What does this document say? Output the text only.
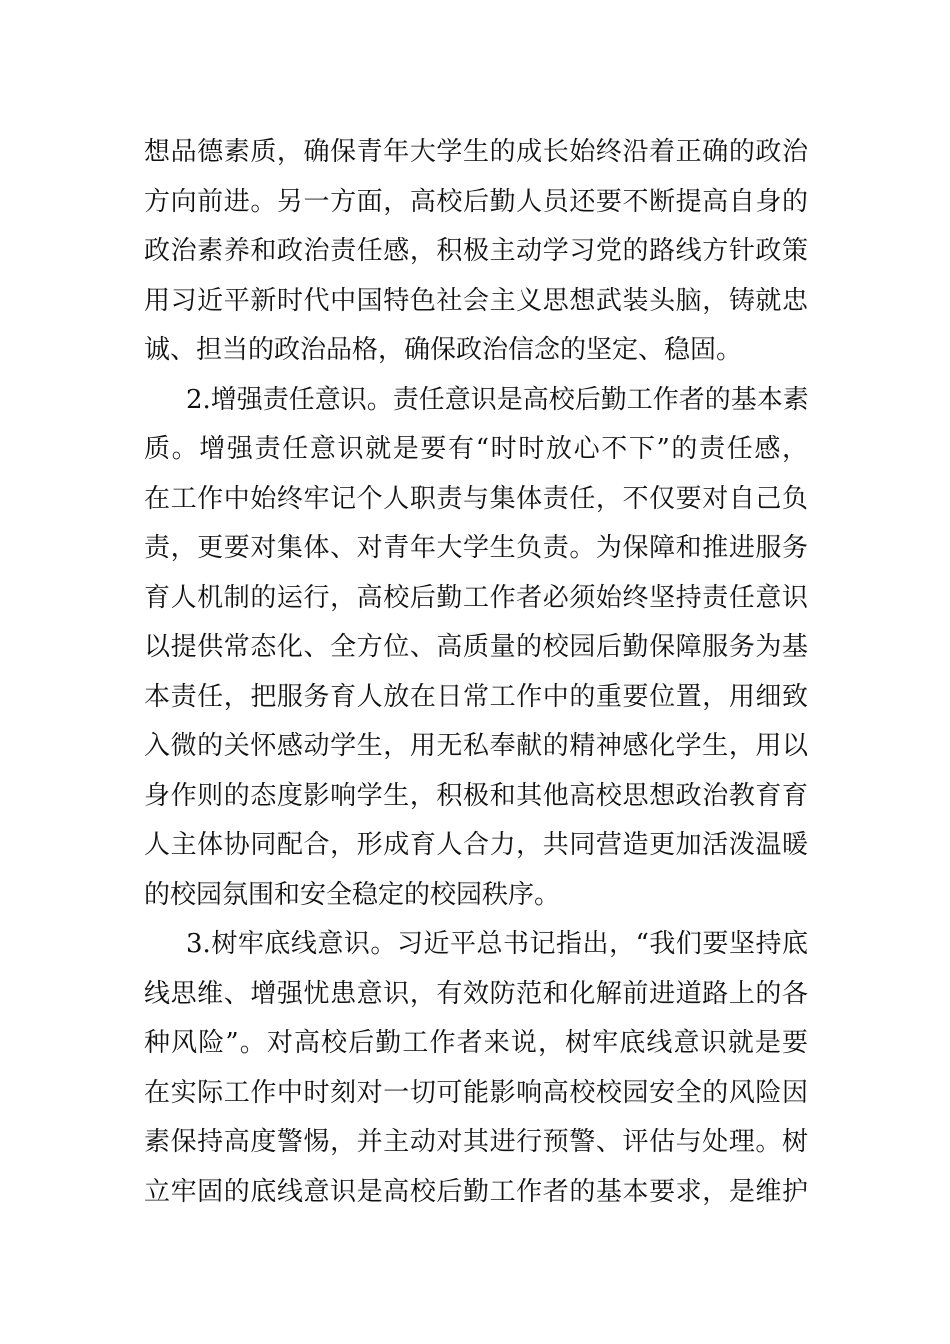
想品德素质，确保青年大学生的成长始终沿着正确的政治
方向前进。另一方面，高校后勤人员还要不断提高自身的
政治素养和政治责任感，积极主动学习党的路线方针政策
用习近平新时代中国特色社会主义思想武装头脑，铸就忠
诚、担当的政治品格，确保政治信念的坚定、稳固。
2.增强责任意识。责任意识是高校后勤工作者的基本素
质。增强责任意识就是要有“时时放心不下”的责任感，
在工作中始终牢记个人职责与集体责任，不仅要对自己负
责，更要对集体、对青年大学生负责。为保障和推进服务
育人机制的运行，高校后勤工作者必须始终坚持责任意识
以提供常态化、全方位、高质量的校园后勤保障服务为基
本责任，把服务育人放在日常工作中的重要位置，用细致
入微的关怀感动学生，用无私奉献的精神感化学生，用以
身作则的态度影响学生，积极和其他高校思想政治教育育
人主体协同配合，形成育人合力，共同营造更加活泼温暖
的校园氛围和安全稳定的校园秩序。
3.树牢底线意识。习近平总书记指出，“我们要坚持底
线思维、增强忧患意识，有效防范和化解前进道路上的各
种风险”。对高校后勤工作者来说，树牢底线意识就是要
在实际工作中时刻对一切可能影响高校校园安全的风险因
素保持高度警惕，并主动对其进行预警、评估与处理。树
立牢固的底线意识是高校后勤工作者的基本要求，是维护
